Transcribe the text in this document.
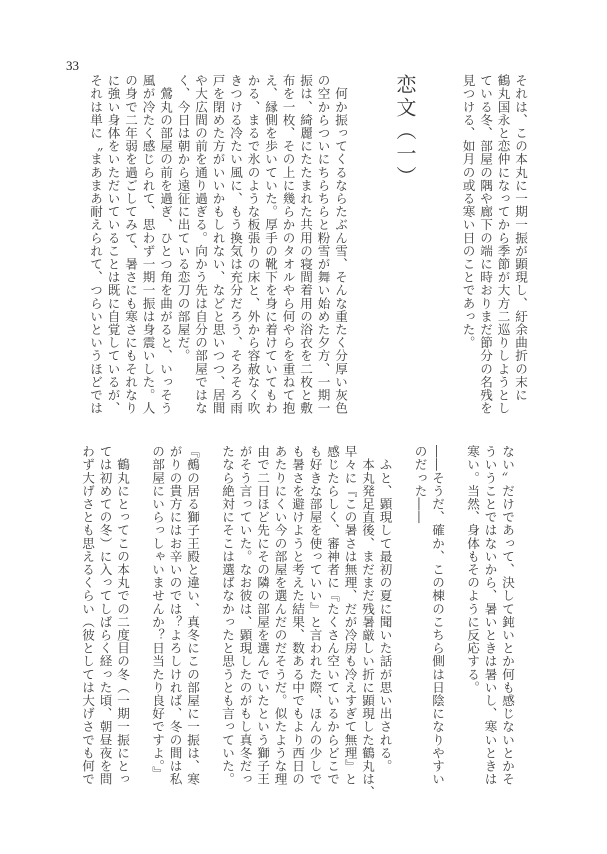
33
恋文（一）	それは、この本丸に一期一振が顕現し、紆余曲折の末に
鶴丸国永と恋仲になってから季節が大方二巡りしようとし
ている冬、部屋の隅や廊下の端に時おりまだ節分の名残を
見つける、如月の或る寒い日のことであった。
　何か振ってくるならたぶん雪、そんな重たく分厚い灰色
の空からついにちらちらと粉雪が舞い始めた夕方、一期一
振は、綺麗にたたまれた共用の寝間着用の浴衣を二枚と敷
布を一枚、その上に幾らかのタオルやら何やらを重ねて抱
え、縁側を歩いていた。厚手の靴下を身に着けていてもわ
かる、まるで氷のような板張りの床と、外から容赦なく吹
きつける冷たい風に、もう換気は充分だろう、そろそろ雨
戸を閉めた方がいいかもしれない、などと思いつつ、居間
や大広間の前を通り過ぎる。向かう先は自分の部屋ではな
く、今日は朝から遠征に出ている恋刀の部屋だ。
　鶯丸の部屋の前を過ぎ、ひとつ角を曲がると、いっそう
風が冷たく感じられて、思わず一期一振は身震いした。人
の身で二年弱を過ごしてみて、暑さにも寒さにもそれなり
に強い身体をいただいていることは既に自覚しているが、
それは単に〝まあまあ耐えられて、つらいというほどでは
ない〟だけであって、決して鈍いとか何も感じないとかそ
ういうことではないから、暑いときは暑いし、寒いときは
寒い。当然、身体もそのように反応する。
――そうだ、確か、この棟のこちら側は日陰になりやすい
のだった――
　ふと、顕現して最初の夏に聞いた話が思い出される。
　本丸発足直後、まだまだ残暑厳しい折に顕現した鶴丸は、
早々に『この暑さは無理、だが冷房も冷えすぎて無理』と
感じたらしく、審神者に『たくさん空いているからどこで
も好きな部屋を使っていい』と言われた際、ほんの少しで
も暑さを避けようと考えた結果、数ある中でもより西日の
あたりにくい今の部屋を選んだのだそうだ。似たような理
由で二日ほど先にその隣の部屋を選んでいたという獅子王
がそう言っていた。なお彼は、顕現したのがもし真冬だっ
たなら絶対にそこは選ばなかったと思うとも言っていた。
『鵺の居る獅子王殿と違い、真冬にこの部屋に一振は、寒
がりの貴方にはお辛いのでは？よろしければ、冬の間は私
の部屋にいらっしゃいませんか？日当たり良好ですよ。』
　鶴丸にとってこの本丸での二度目の冬（一期一振にとっ
ては初めての冬）に入ってしばらく経った頃、朝昼夜を問
わず大げさとも思えるくらい（彼としては大げさでも何で
